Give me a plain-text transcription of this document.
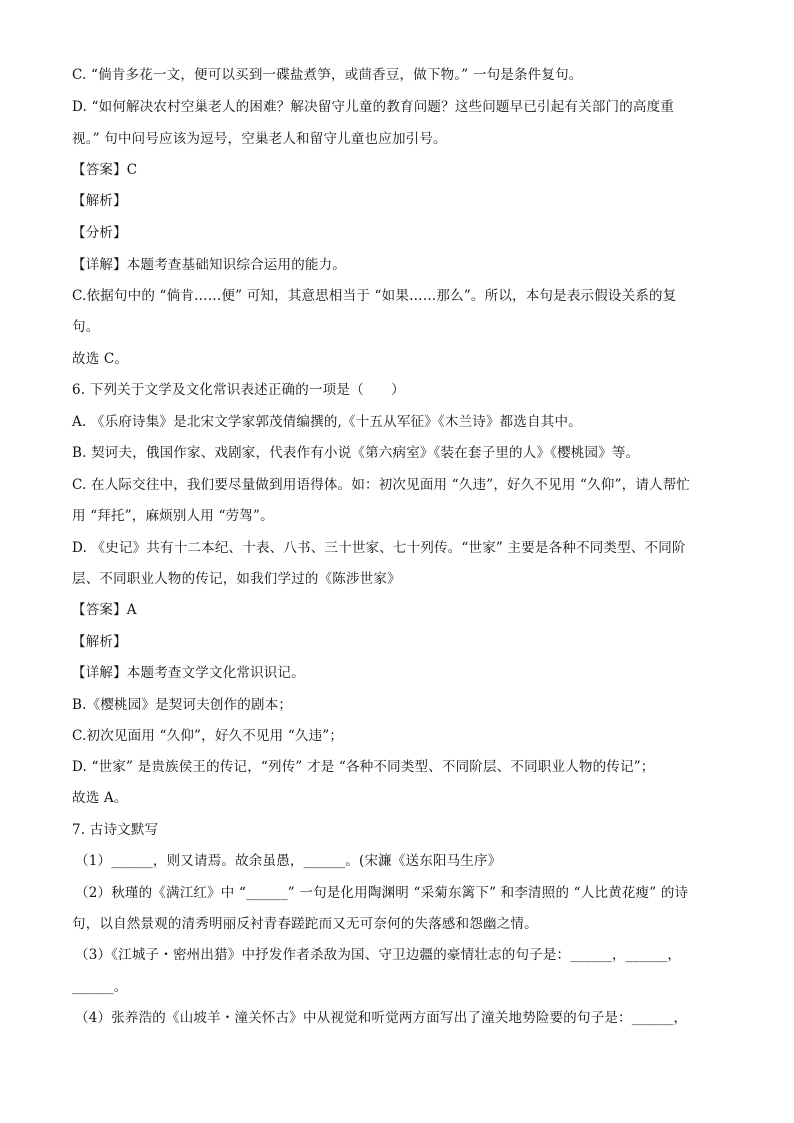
C. “倘肯多花一文，便可以买到一碟盐煮笋，或茴香豆，做下物。” 一句是条件复句。
D. “如何解决农村空巢老人的困难？解决留守儿童的教育问题？这些问题早已引起有关部门的高度重
视。” 句中问号应该为逗号，空巢老人和留守儿童也应加引号。
【答案】C
【解析】
【分析】
【详解】本题考查基础知识综合运用的能力。
C.依据句中的 “倘肯……便” 可知，其意思相当于 “如果……那么”。所以，本句是表示假设关系的复
句。
故选 C。
6. 下列关于文学及文化常识表述正确的一项是（　　）
A. 《乐府诗集》是北宋文学家郭茂倩编撰的,《十五从军征》《木兰诗》都选自其中。
B. 契诃夫，俄国作家、戏剧家，代表作有小说《第六病室》《装在套子里的人》《樱桃园》等。
C. 在人际交往中，我们要尽量做到用语得体。如：初次见面用 “久违”，好久不见用 “久仰”，请人帮忙
用 “拜托”，麻烦别人用 “劳驾”。
D. 《史记》共有十二本纪、十表、八书、三十世家、七十列传。“世家” 主要是各种不同类型、不同阶
层、不同职业人物的传记，如我们学过的《陈涉世家》
【答案】A
【解析】
【详解】本题考查文学文化常识识记。
B.《樱桃园》是契诃夫创作的剧本；
C.初次见面用 “久仰”，好久不见用 “久违”；
D. “世家” 是贵族侯王的传记，“列传” 才是 “各种不同类型、不同阶层、不同职业人物的传记”；
故选 A。
7. 古诗文默写
（1）______，则又请焉。故余虽愚，______。(宋濂《送东阳马生序》
（2）秋瑾的《满江红》中 “______” 一句是化用陶渊明 “采菊东篱下” 和李清照的 “人比黄花瘦” 的诗
句，以自然景观的清秀明丽反衬青春蹉跎而又无可奈何的失落感和怨幽之情。
（3）《江城子・密州出猎》中抒发作者杀敌为国、守卫边疆的豪情壮志的句子是：______，______，
______。
（4）张养浩的《山坡羊・潼关怀古》中从视觉和听觉两方面写出了潼关地势险要的句子是：______，
